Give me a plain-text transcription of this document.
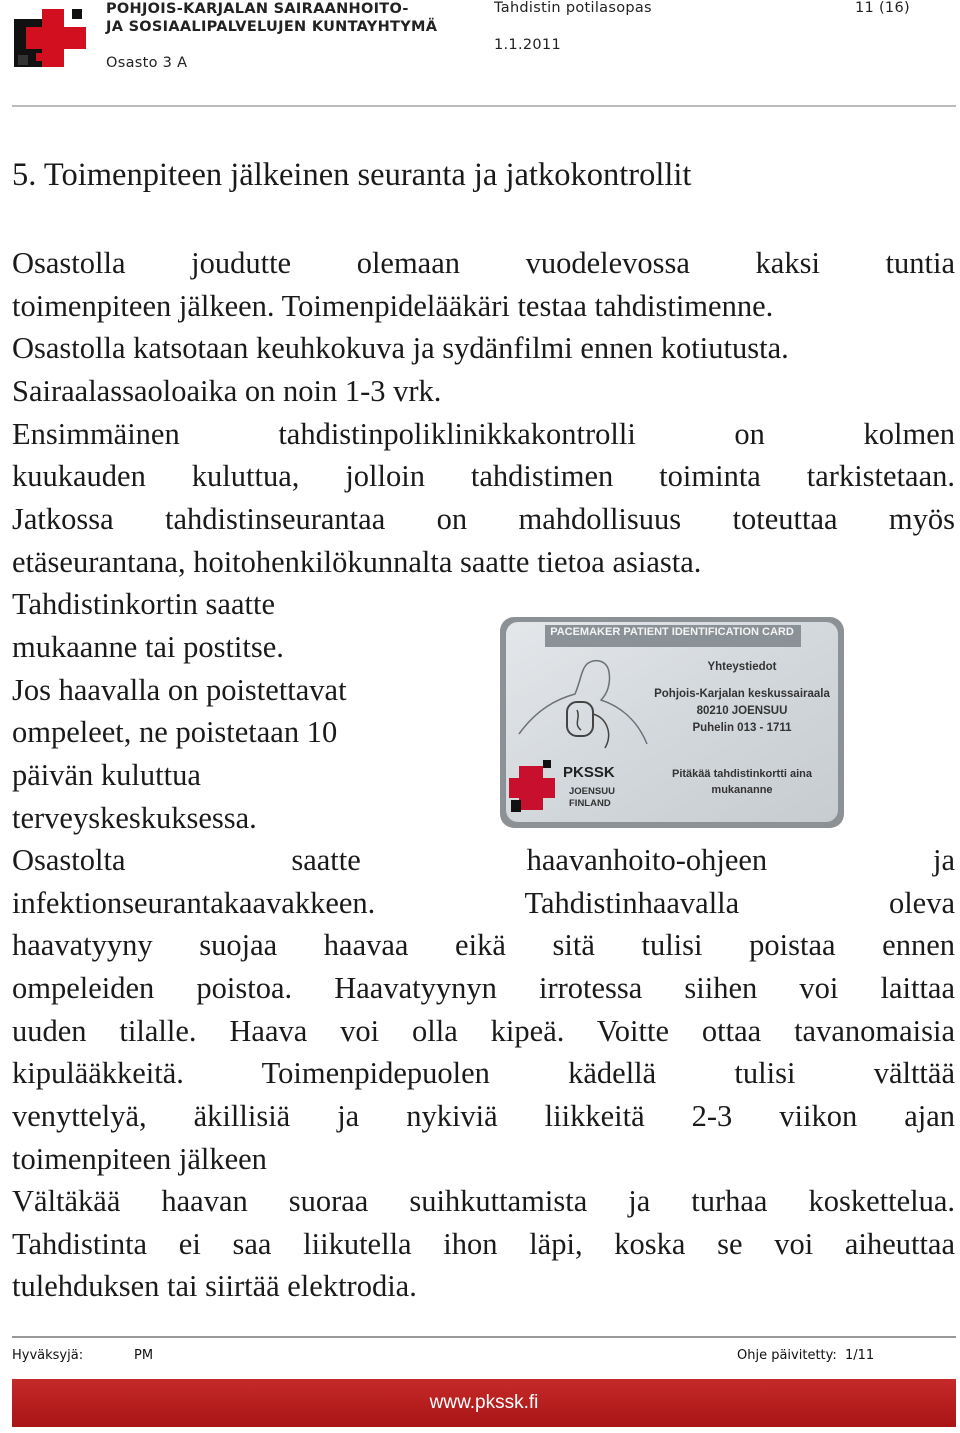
POHJOIS-KARJALAN SAIRAANHOITO-
JA SOSIAALIPALVELUJEN KUNTAYHTYMÄ
Osasto 3 A
Tahdistin potilasopas
1.1.2011
11 (16)
5. Toimenpiteen jälkeinen seuranta ja jatkokontrollit
Osastolla joudutte olemaan vuodelevossa kaksi tuntia
toimenpiteen jälkeen. Toimenpidelääkäri testaa tahdistimenne.
Osastolla katsotaan keuhkokuva ja sydänfilmi ennen kotiutusta.
Sairaalassaoloaika on noin 1-3 vrk.
Ensimmäinen tahdistinpoliklinikkakontrolli on kolmen
kuukauden kuluttua, jolloin tahdistimen toiminta tarkistetaan.
Jatkossa tahdistinseurantaa on mahdollisuus toteuttaa myös
etäseurantana, hoitohenkilökunnalta saatte tietoa asiasta.
Tahdistinkortin saatte
mukaanne tai postitse.
Jos haavalla on poistettavat
ompeleet, ne poistetaan 10
päivän kuluttua
terveyskeskuksessa.
Osastolta saatte haavanhoito-ohjeen ja
infektionseurantakaavakkeen. Tahdistinhaavalla oleva
haavatyyny suojaa haavaa eikä sitä tulisi poistaa ennen
ompeleiden poistoa. Haavatyynyn irrotessa siihen voi laittaa
uuden tilalle. Haava voi olla kipeä. Voitte ottaa tavanomaisia
kipulääkkeitä. Toimenpidepuolen kädellä tulisi välttää
venyttelyä, äkillisiä ja nykiviä liikkeitä 2-3 viikon ajan
toimenpiteen jälkeen
Vältäkää haavan suoraa suihkuttamista ja turhaa koskettelua.
Tahdistinta ei saa liikutella ihon läpi, koska se voi aiheuttaa
tulehduksen tai siirtää elektrodia.
PACEMAKER PATIENT IDENTIFICATION CARD
Yhteystiedot
Pohjois-Karjalan keskussairaala
80210 JOENSUU
Puhelin 013 - 1711
Pitäkää tahdistinkortti aina
mukananne
PKSSK
JOENSUU
FINLAND
Hyväksyjä:	PM	Ohje päivitetty: 1/11
www.pkssk.fi
